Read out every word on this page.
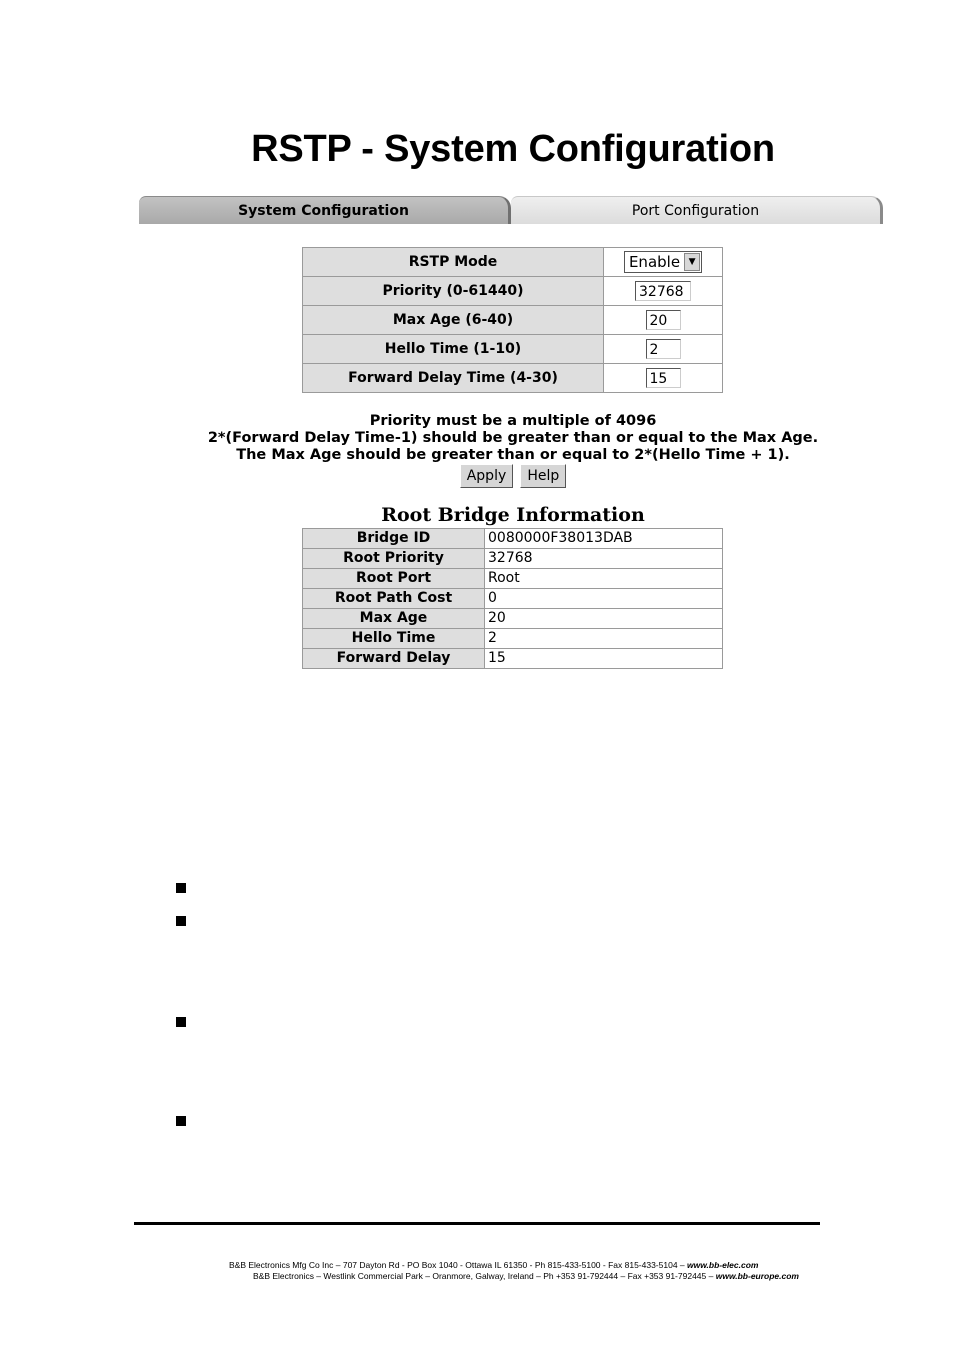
RSTP - System Configuration
System Configuration	Port Configuration
RSTP Mode	Enable ▼

Priority (0-61440)	32768
Max Age (6-40)	20
Hello Time (1-10)	2
Forward Delay Time (4-30)	15
Priority must be a multiple of 4096
2*(Forward Delay Time-1) should be greater than or equal to the Max Age.
The Max Age should be greater than or equal to 2*(Hello Time + 1).
Apply Help
Root Bridge Information
Bridge ID	0080000F38013DAB
Root Priority	32768
Root Port	Root
Root Path Cost	0
Max Age	20
Hello Time	2
Forward Delay	15
B&B Electronics Mfg Co Inc – 707 Dayton Rd - PO Box 1040 - Ottawa IL 61350 - Ph 815-433-5100 - Fax 815-433-5104 – www.bb-elec.com
B&B Electronics – Westlink Commercial Park – Oranmore, Galway, Ireland – Ph +353 91-792444 – Fax +353 91-792445 – www.bb-europe.com
